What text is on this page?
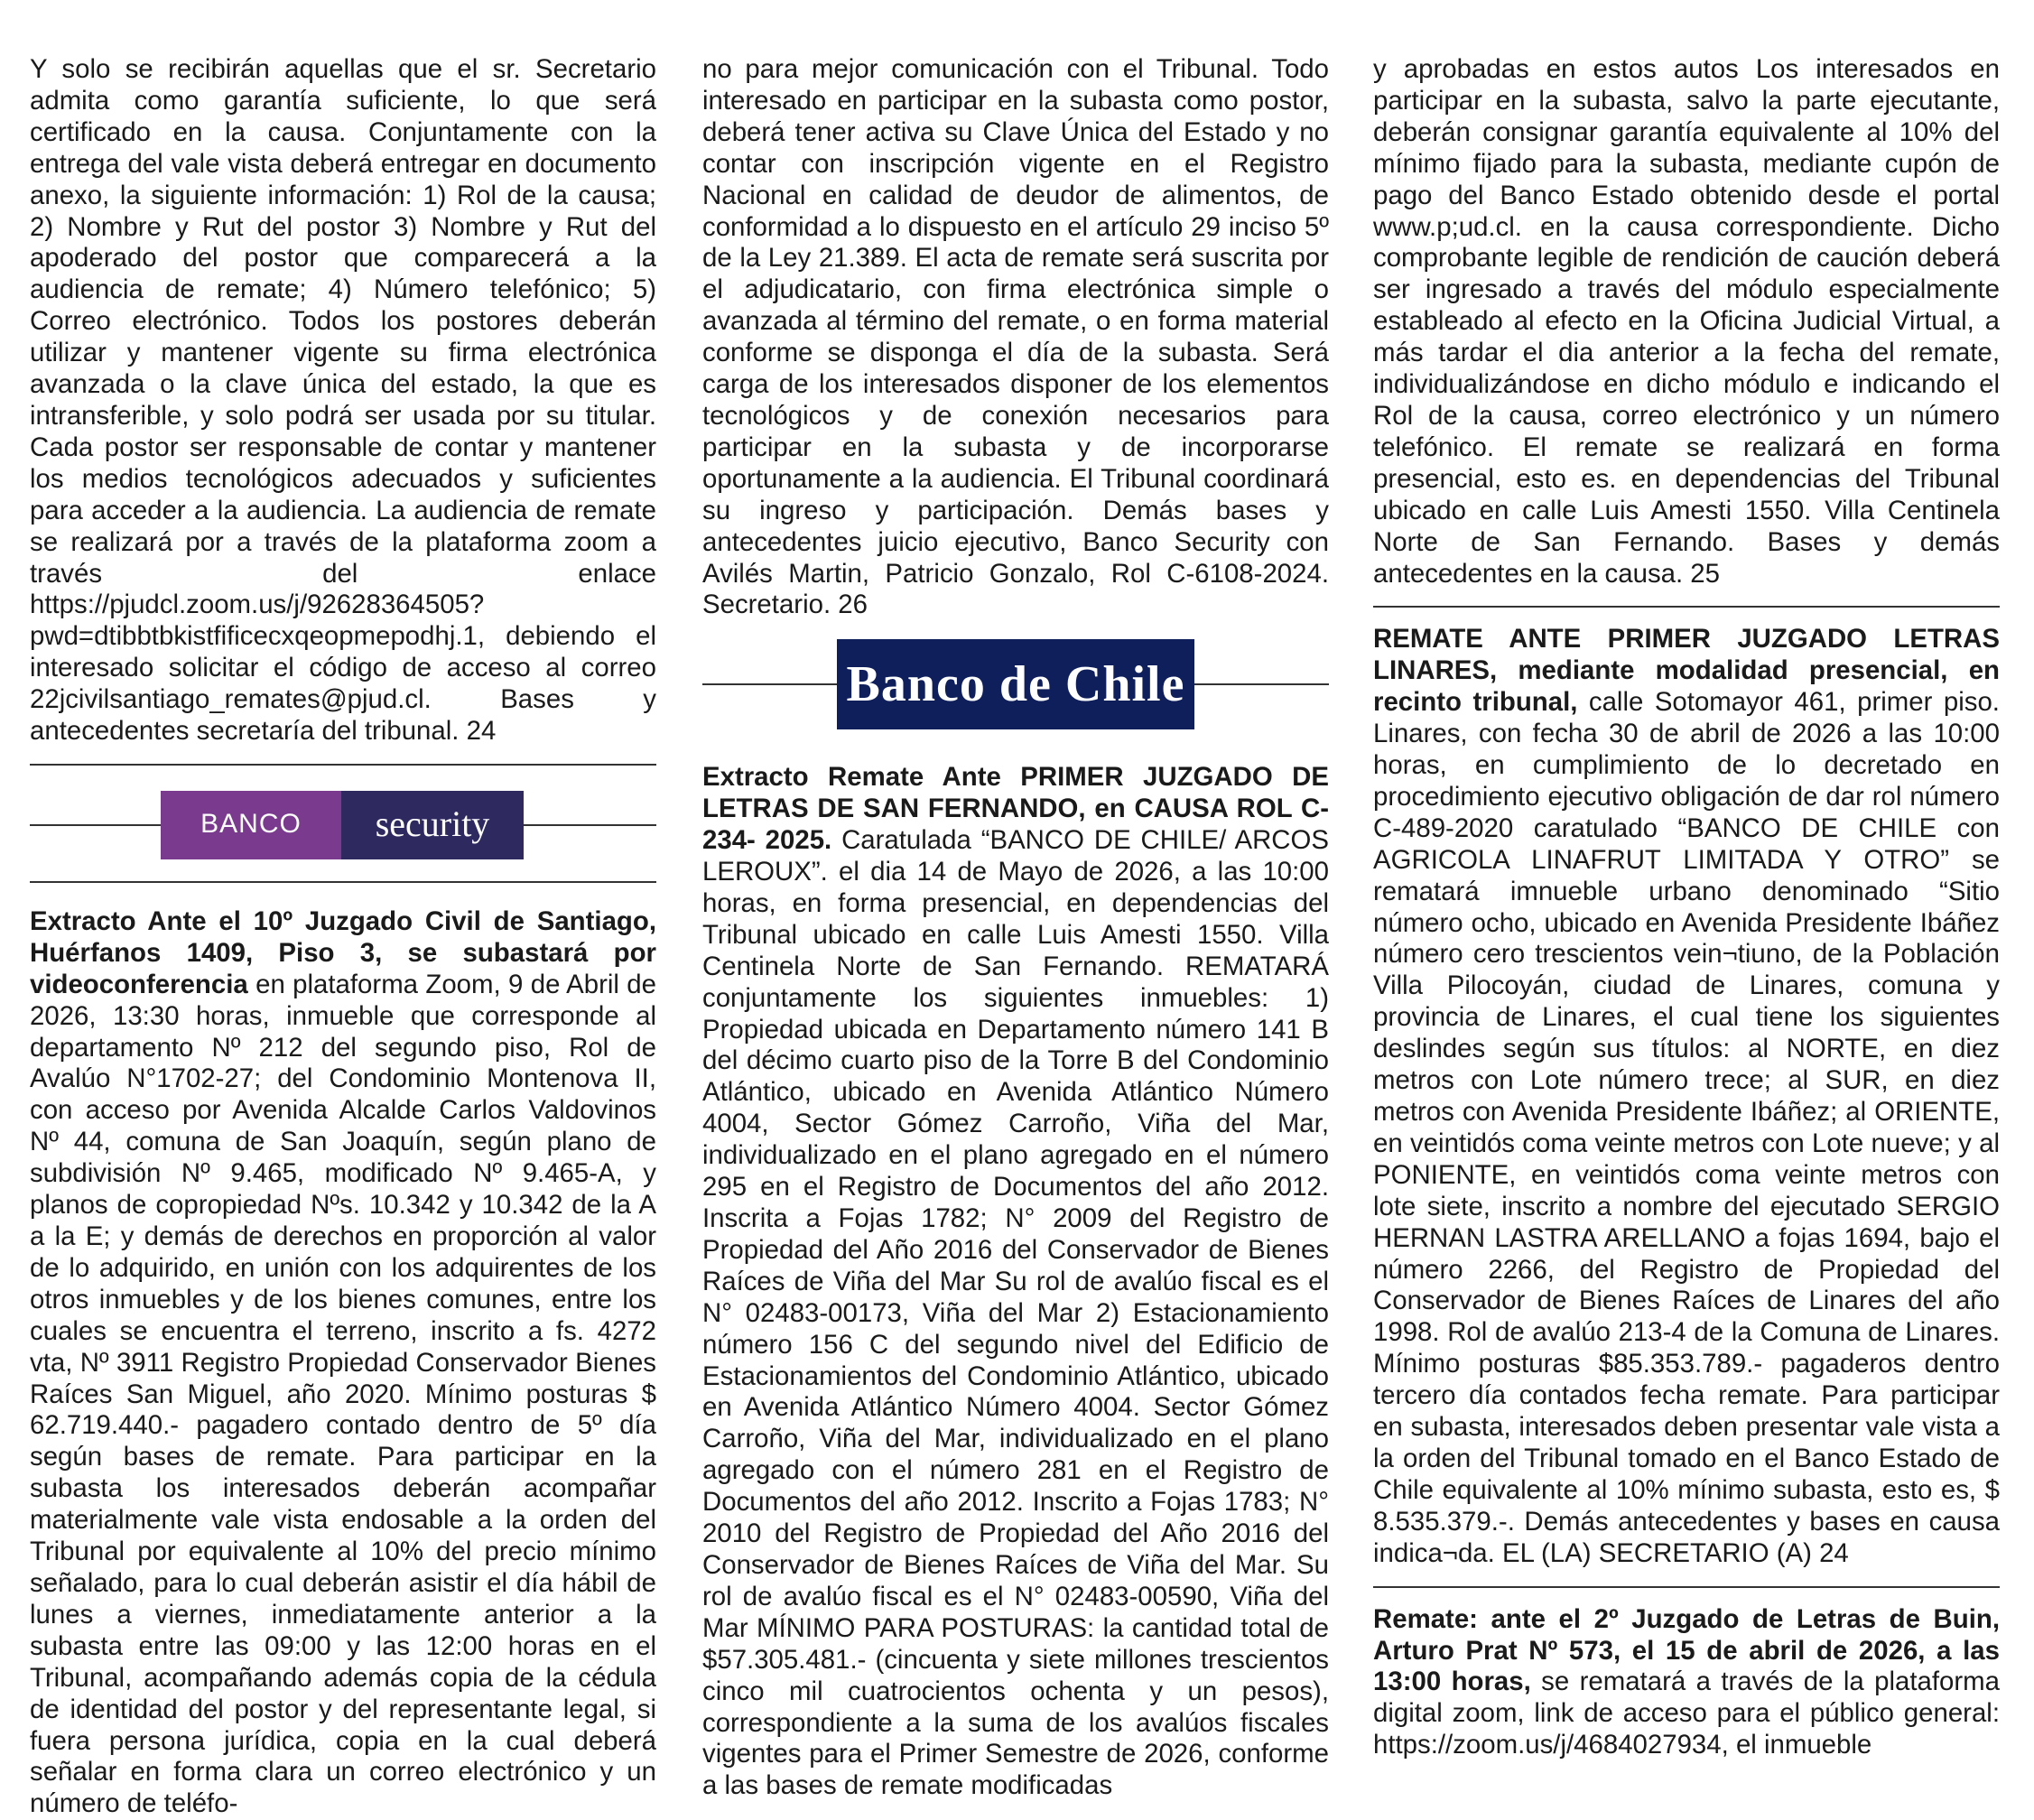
Y solo se recibirán aquellas que el sr. Secretario admita como garantía suficiente, lo que será certificado en la causa. Conjuntamente con la entrega del vale vista deberá entregar en documento anexo, la siguiente información: 1) Rol de la causa; 2) Nombre y Rut del postor 3) Nombre y Rut del apoderado del postor que comparecerá a la audiencia de remate; 4) Número telefónico; 5) Correo electrónico. Todos los postores deberán utilizar y mantener vigente su firma electrónica avanzada o la clave única del estado, la que es intransferible, y solo podrá ser usada por su titular. Cada postor ser responsable de contar y mantener los medios tecnológicos adecuados y suficientes para acceder a la audiencia. La audiencia de remate se realizará por a través de la plataforma zoom a través del enlace https://pjudcl.zoom.us/j/92628364505?pwd=dtibbtbkistfificecxqeopmepodhj.1, debiendo el interesado solicitar el código de acceso al correo 22jcivilsantiago_remates@pjud.cl. Bases y antecedentes secretaría del tribunal. 24

BANCO	security

Extracto Ante el 10º Juzgado Civil de Santiago, Huérfanos 1409, Piso 3, se subastará por videoconferencia en plataforma Zoom, 9 de Abril de 2026, 13:30 horas, inmueble que corresponde al departamento Nº 212 del segundo piso, Rol de Avalúo N°1702-27; del Condominio Montenova II, con acceso por Avenida Alcalde Carlos Valdovinos Nº 44, comuna de San Joaquín, según plano de subdivisión Nº 9.465, modificado Nº 9.465-A, y planos de copropiedad Nºs. 10.342 y 10.342 de la A a la E; y demás de derechos en proporción al valor de lo adquirido, en unión con los adquirentes de los otros inmuebles y de los bienes comunes, entre los cuales se encuentra el terreno, inscrito a fs. 4272 vta, Nº 3911 Registro Propiedad Conservador Bienes Raíces San Miguel, año 2020. Mínimo posturas $ 62.719.440.- pagadero contado dentro de 5º día según bases de remate. Para participar en la subasta los interesados deberán acompañar materialmente vale vista endosable a la orden del Tribunal por equivalente al 10% del precio mínimo señalado, para lo cual deberán asistir el día hábil de lunes a viernes, inmediatamente anterior a la subasta entre las 09:00 y las 12:00 horas en el Tribunal, acompañando además copia de la cédula de identidad del postor y del representante legal, si fuera persona jurídica, copia en la cual deberá señalar en forma clara un correo electrónico y un número de teléfo-

no para mejor comunicación con el Tribunal. Todo interesado en participar en la subasta como postor, deberá tener activa su Clave Única del Estado y no contar con inscripción vigente en el Registro Nacional en calidad de deudor de alimentos, de conformidad a lo dispuesto en el artículo 29 inciso 5º de la Ley 21.389. El acta de remate será suscrita por el adjudicatario, con firma electrónica simple o avanzada al término del remate, o en forma material conforme se disponga el día de la subasta. Será carga de los interesados disponer de los elementos tecnológicos y de conexión necesarios para participar en la subasta y de incorporarse oportunamente a la audiencia. El Tribunal coordinará su ingreso y participación. Demás bases y antecedentes juicio ejecutivo, Banco Security con Avilés Martin, Patricio Gonzalo, Rol C-6108-2024. Secretario. 26

Banco de Chile

Extracto Remate Ante PRIMER JUZGADO DE LETRAS DE SAN FERNANDO, en CAUSA ROL C-234- 2025. Caratulada “BANCO DE CHILE/ ARCOS LEROUX”. el dia 14 de Mayo de 2026, a las 10:00 horas, en forma presencial, en dependencias del Tribunal ubicado en calle Luis Amesti 1550. Villa Centinela Norte de San Fernando. REMATARÁ conjuntamente los siguientes inmuebles: 1) Propiedad ubicada en Departamento número 141 B del décimo cuarto piso de la Torre B del Condominio Atlántico, ubicado en Avenida Atlántico Número 4004, Sector Gómez Carroño, Viña del Mar, individualizado en el plano agregado en el número 295 en el Registro de Documentos del año 2012. Inscrita a Fojas 1782; N° 2009 del Registro de Propiedad del Año 2016 del Conservador de Bienes Raíces de Viña del Mar Su rol de avalúo fiscal es el N° 02483-00173, Viña del Mar 2) Estacionamiento número 156 C del segundo nivel del Edificio de Estacionamientos del Condominio Atlántico, ubicado en Avenida Atlántico Número 4004. Sector Gómez Carroño, Viña del Mar, individualizado en el plano agregado con el número 281 en el Registro de Documentos del año 2012. Inscrito a Fojas 1783; N° 2010 del Registro de Propiedad del Año 2016 del Conservador de Bienes Raíces de Viña del Mar. Su rol de avalúo fiscal es el N° 02483-00590, Viña del Mar MÍNIMO PARA POSTURAS: la cantidad total de $57.305.481.- (cincuenta y siete millones trescientos cinco mil cuatrocientos ochenta y un pesos), correspondiente a la suma de los avalúos fiscales vigentes para el Primer Semestre de 2026, conforme a las bases de remate modificadas

y aprobadas en estos autos Los interesados en participar en la subasta, salvo la parte ejecutante, deberán consignar garantía equivalente al 10% del mínimo fijado para la subasta, mediante cupón de pago del Banco Estado obtenido desde el portal www.p;ud.cl. en la causa correspondiente. Dicho comprobante legible de rendición de caución deberá ser ingresado a través del módulo especialmente estableado al efecto en la Oficina Judicial Virtual, a más tardar el dia anterior a la fecha del remate, individualizándose en dicho módulo e indicando el Rol de la causa, correo electrónico y un número telefónico. El remate se realizará en forma presencial, esto es. en dependencias del Tribunal ubicado en calle Luis Amesti 1550. Villa Centinela Norte de San Fernando. Bases y demás antecedentes en la causa. 25

REMATE ANTE PRIMER JUZGADO LETRAS LINARES, mediante modalidad presencial, en recinto tribunal, calle Sotomayor 461, primer piso. Linares, con fecha 30 de abril de 2026 a las 10:00 horas, en cumplimiento de lo decretado en procedimiento ejecutivo obligación de dar rol número C-489-2020 caratulado “BANCO DE CHILE con AGRICOLA LINAFRUT LIMITADA Y OTRO” se rematará imnueble urbano denominado “Sitio número ocho, ubicado en Avenida Presidente Ibáñez número cero trescientos vein¬tiuno, de la Población Villa Pilocoyán, ciudad de Linares, comuna y provincia de Linares, el cual tiene los siguientes deslindes según sus títulos: al NORTE, en diez metros con Lote número trece; al SUR, en diez metros con Avenida Presidente Ibáñez; al ORIENTE, en veintidós coma veinte metros con Lote nueve; y al PONIENTE, en veintidós coma veinte metros con lote siete, inscrito a nombre del ejecutado SERGIO HERNAN LASTRA ARELLANO a fojas 1694, bajo el número 2266, del Registro de Propiedad del Conservador de Bienes Raíces de Linares del año 1998. Rol de avalúo 213-4 de la Comuna de Linares. Mínimo posturas $85.353.789.- pagaderos dentro tercero día contados fecha remate. Para participar en subasta, interesados deben presentar vale vista a la orden del Tribunal tomado en el Banco Estado de Chile equivalente al 10% mínimo subasta, esto es, $ 8.535.379.-. Demás antecedentes y bases en causa indica¬da. EL (LA) SECRETARIO (A) 24

Remate: ante el 2º Juzgado de Letras de Buin, Arturo Prat Nº 573, el 15 de abril de 2026, a las 13:00 horas, se rematará a través de la plataforma digital zoom, link de acceso para el público general: https://zoom.us/j/4684027934, el inmueble
